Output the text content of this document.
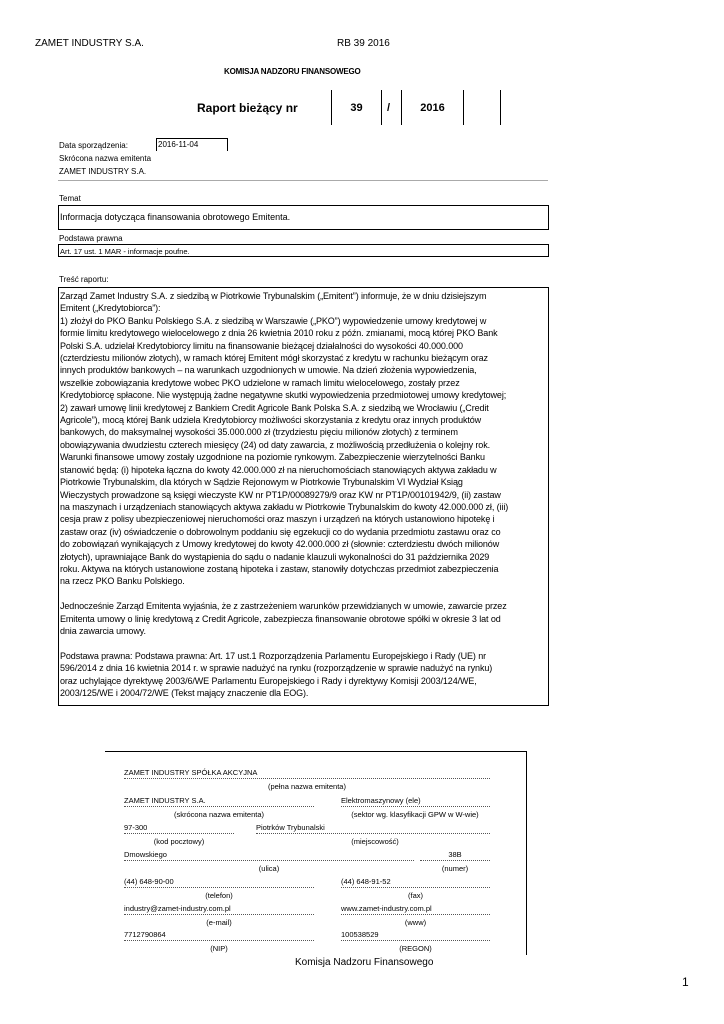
ZAMET INDUSTRY S.A.	RB 39 2016
KOMISJA NADZORU FINANSOWEGO
Raport bieżący nr	39	/	2016
Data sporządzenia:	2016-11-04
Skrócona nazwa emitenta
ZAMET INDUSTRY S.A.
Temat
Informacja dotycząca finansowania obrotowego Emitenta.
Podstawa prawna
Art. 17 ust. 1 MAR - informacje poufne.
Treść raportu:
Zarząd Zamet Industry S.A. z siedzibą w Piotrkowie Trybunalskim („Emitent”) informuje, że w dniu dzisiejszym
Emitent („Kredytobiorca”):
1) złożył do PKO Banku Polskiego S.A. z siedzibą w Warszawie („PKO”) wypowiedzenie umowy kredytowej w
formie limitu kredytowego wielocelowego z dnia 26 kwietnia 2010 roku z późn. zmianami, mocą której PKO Bank
Polski S.A. udzielał Kredytobiorcy limitu na finansowanie bieżącej działalności do wysokości 40.000.000
(czterdziestu milionów złotych), w ramach której Emitent mógł skorzystać z kredytu w rachunku bieżącym oraz
innych produktów bankowych – na warunkach uzgodnionych w umowie. Na dzień złożenia wypowiedzenia,
wszelkie zobowiązania kredytowe wobec PKO udzielone w ramach limitu wielocelowego, zostały przez
Kredytobiorcę spłacone. Nie występują żadne negatywne skutki wypowiedzenia przedmiotowej umowy kredytowej;
2) zawarł umowę linii kredytowej z Bankiem Credit Agricole Bank Polska S.A. z siedzibą we Wrocławiu („Credit
Agricole”), mocą której Bank udziela Kredytobiorcy możliwości skorzystania z kredytu oraz innych produktów
bankowych, do maksymalnej wysokości 35.000.000 zł (trzydziestu pięciu milionów złotych) z terminem
obowiązywania dwudziestu czterech miesięcy (24) od daty zawarcia, z możliwością przedłużenia o kolejny rok.
Warunki finansowe umowy zostały uzgodnione na poziomie rynkowym. Zabezpieczenie wierzytelności Banku
stanowić będą: (i) hipoteka łączna do kwoty 42.000.000 zł na nieruchomościach stanowiących aktywa zakładu w
Piotrkowie Trybunalskim, dla których w Sądzie Rejonowym w Piotrkowie Trybunalskim VI Wydział Ksiąg
Wieczystych prowadzone są księgi wieczyste KW nr PT1P/00089279/9 oraz KW nr PT1P/00101942/9, (ii) zastaw
na maszynach i urządzeniach stanowiących aktywa zakładu w Piotrkowie Trybunalskim do kwoty 42.000.000 zł, (iii)
cesja praw z polisy ubezpieczeniowej nieruchomości oraz maszyn i urządzeń na których ustanowiono hipotekę i
zastaw oraz (iv) oświadczenie o dobrowolnym poddaniu się egzekucji co do wydania przedmiotu zastawu oraz co
do zobowiązań wynikających z Umowy kredytowej do kwoty 42.000.000 zł (słownie: czterdziestu dwóch milionów
złotych), uprawniające Bank do wystąpienia do sądu o nadanie klauzuli wykonalności do 31 października 2029
roku. Aktywa na których ustanowione zostaną hipoteka i zastaw, stanowiły dotychczas przedmiot zabezpieczenia
na rzecz PKO Banku Polskiego.

Jednocześnie Zarząd Emitenta wyjaśnia, że z zastrzeżeniem warunków przewidzianych w umowie, zawarcie przez
Emitenta umowy o linię kredytową z Credit Agricole, zabezpiecza finansowanie obrotowe spółki w okresie 3 lat od
dnia zawarcia umowy.

Podstawa prawna: Podstawa prawna: Art. 17 ust.1 Rozporządzenia Parlamentu Europejskiego i Rady (UE) nr
596/2014 z dnia 16 kwietnia 2014 r. w sprawie nadużyć na rynku (rozporządzenie w sprawie nadużyć na rynku)
oraz uchylające dyrektywę 2003/6/WE Parlamentu Europejskiego i Rady i dyrektywy Komisji 2003/124/WE,
2003/125/WE i 2004/72/WE (Tekst mający znaczenie dla EOG).
ZAMET INDUSTRY SPÓŁKA AKCYJNA
(pełna nazwa emitenta)
ZAMET INDUSTRY S.A.	Elektromaszynowy (ele)
(skrócona nazwa emitenta)	(sektor wg. klasyfikacji GPW w W-wie)
97-300	Piotrków Trybunalski
(kod pocztowy)	(miejscowość)
Dmowskiego	38B
(ulica)	(numer)
(44) 648-90-00	(44) 648-91-52
(telefon)	(fax)
industry@zamet-industry.com.pl	www.zamet-industry.com.pl
(e-mail)	(www)
7712790864	100538529
(NIP)	(REGON)
Komisja Nadzoru Finansowego
1
